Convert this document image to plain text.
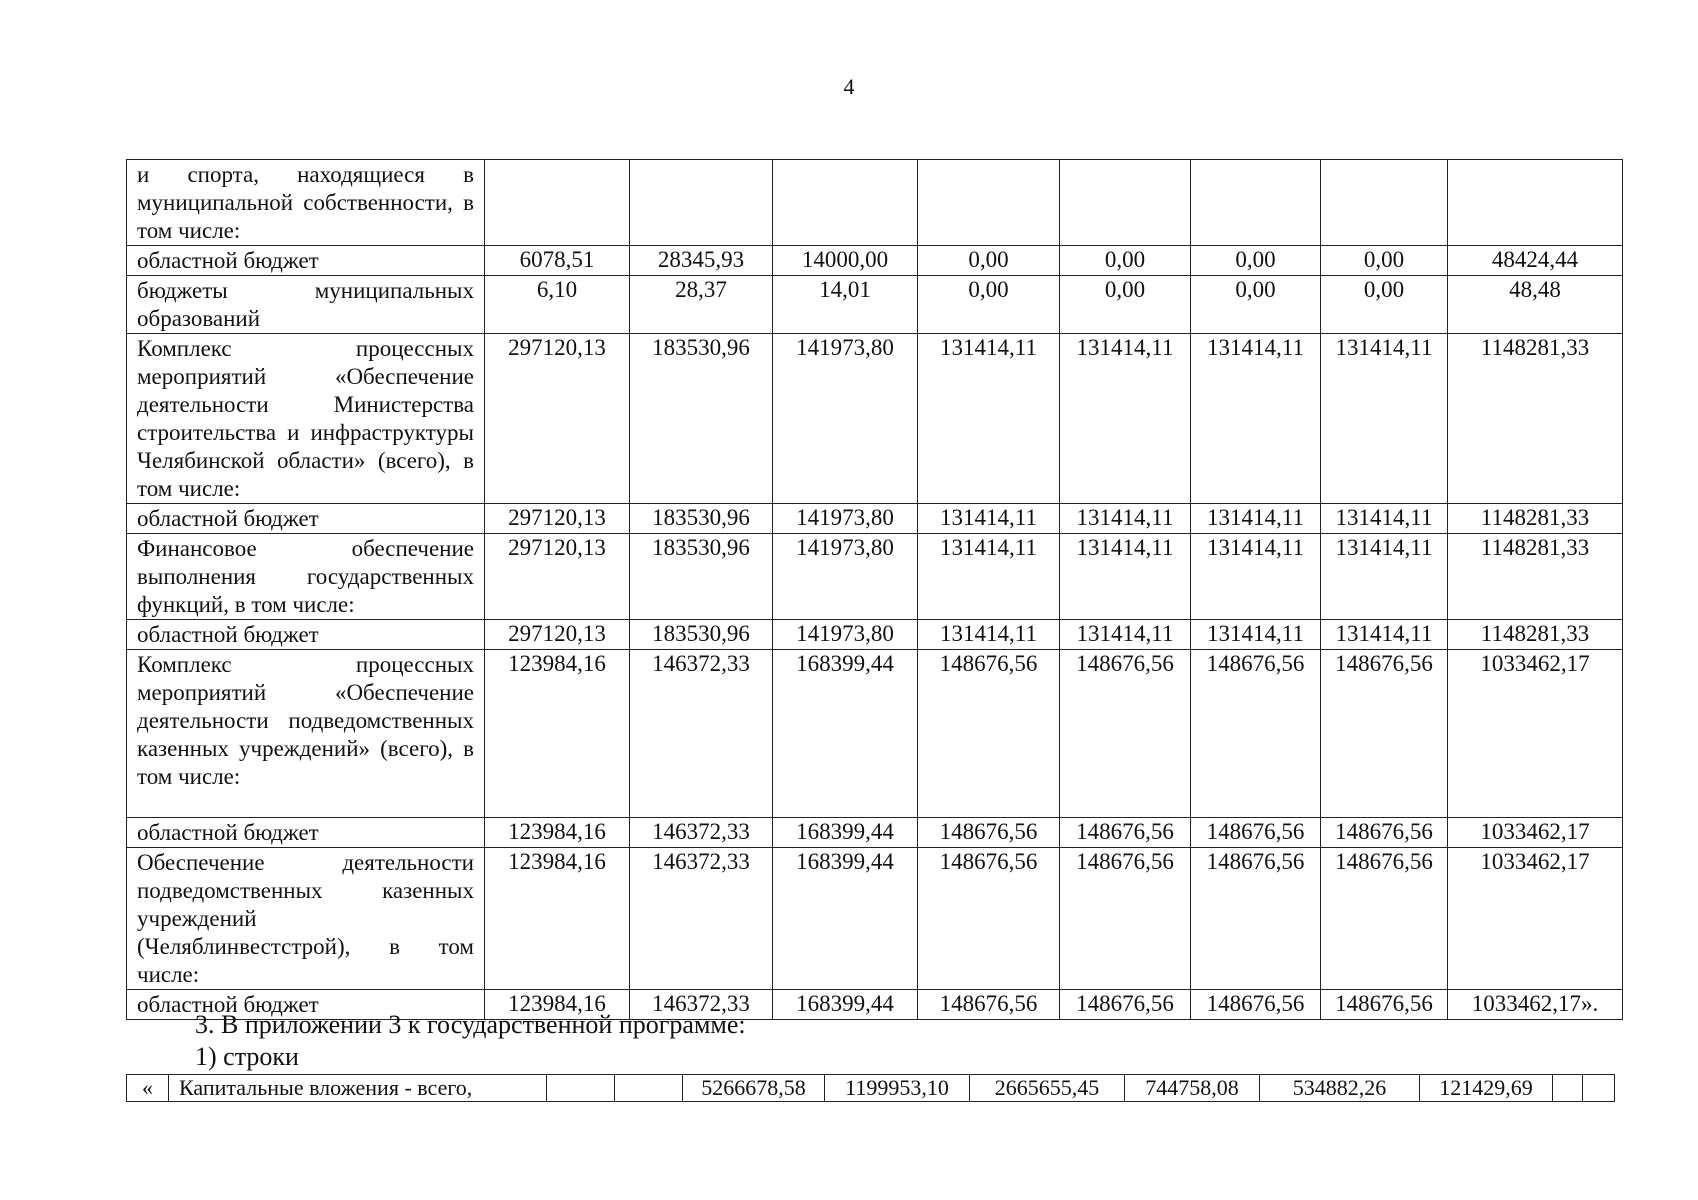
4
и спорта, находящиеся в муниципальной собственности, в том числе:								
областной бюджет	6078,51	28345,93	14000,00	0,00	0,00	0,00	0,00	48424,44
бюджеты муниципальных образований	6,10	28,37	14,01	0,00	0,00	0,00	0,00	48,48
Комплекс процессных мероприятий «Обеспечение деятельности Министерства строительства и инфраструктуры Челябинской области» (всего), в том числе:	297120,13	183530,96	141973,80	131414,11	131414,11	131414,11	131414,11	1148281,33
областной бюджет	297120,13	183530,96	141973,80	131414,11	131414,11	131414,11	131414,11	1148281,33
Финансовое обеспечение выполнения государственных функций, в том числе:	297120,13	183530,96	141973,80	131414,11	131414,11	131414,11	131414,11	1148281,33
областной бюджет	297120,13	183530,96	141973,80	131414,11	131414,11	131414,11	131414,11	1148281,33
Комплекс процессных мероприятий «Обеспечение деятельности подведомственных казенных учреждений» (всего), в том числе:	123984,16	146372,33	168399,44	148676,56	148676,56	148676,56	148676,56	1033462,17
областной бюджет	123984,16	146372,33	168399,44	148676,56	148676,56	148676,56	148676,56	1033462,17
Обеспечение деятельности подведомственных казенных учреждений (Челяблинвестстрой), в том числе:	123984,16	146372,33	168399,44	148676,56	148676,56	148676,56	148676,56	1033462,17
областной бюджет	123984,16	146372,33	168399,44	148676,56	148676,56	148676,56	148676,56	1033462,17».
3. В приложении 3 к государственной программе:
1) строки
«	Капитальные вложения - всего,			5266678,58	1199953,10	2665655,45	744758,08	534882,26	121429,69		
